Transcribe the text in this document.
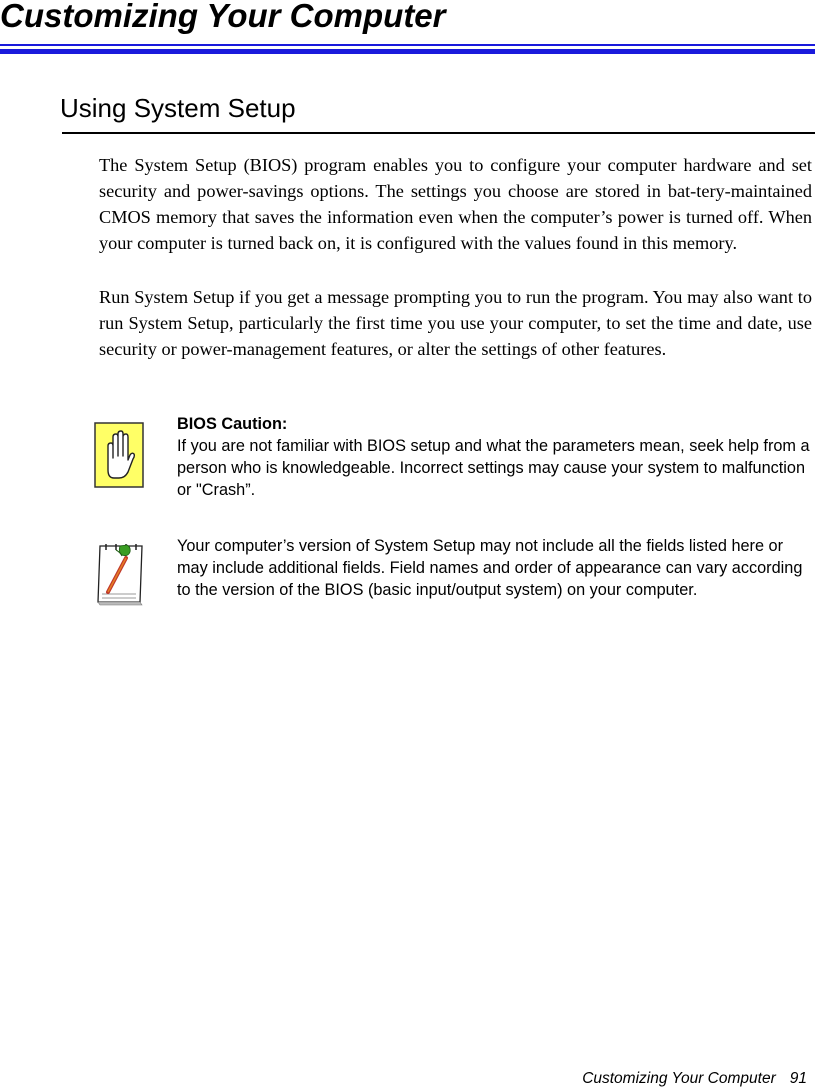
Customizing Your Computer
Using System Setup

The System Setup (BIOS) program enables you to configure your computer hardware and set security and power-savings options. The settings you choose are stored in bat-tery-maintained CMOS memory that saves the information even when the computer’s power is turned off. When your computer is turned back on, it is configured with the values found in this memory.

Run System Setup if you get a message prompting you to run the program. You may also want to run System Setup, particularly the first time you use your computer, to set the time and date, use security or power-management features, or alter the settings of other features.

BIOS Caution:
If you are not familiar with BIOS setup and what the parameters mean, seek help from a person who is knowledgeable. Incorrect settings may cause your system to malfunction or "Crash”.

Your computer’s version of System Setup may not include all the fields listed here or may include additional fields. Field names and order of appearance can vary according to the version of the BIOS (basic input/output system) on your computer.

Customizing Your Computer 91
